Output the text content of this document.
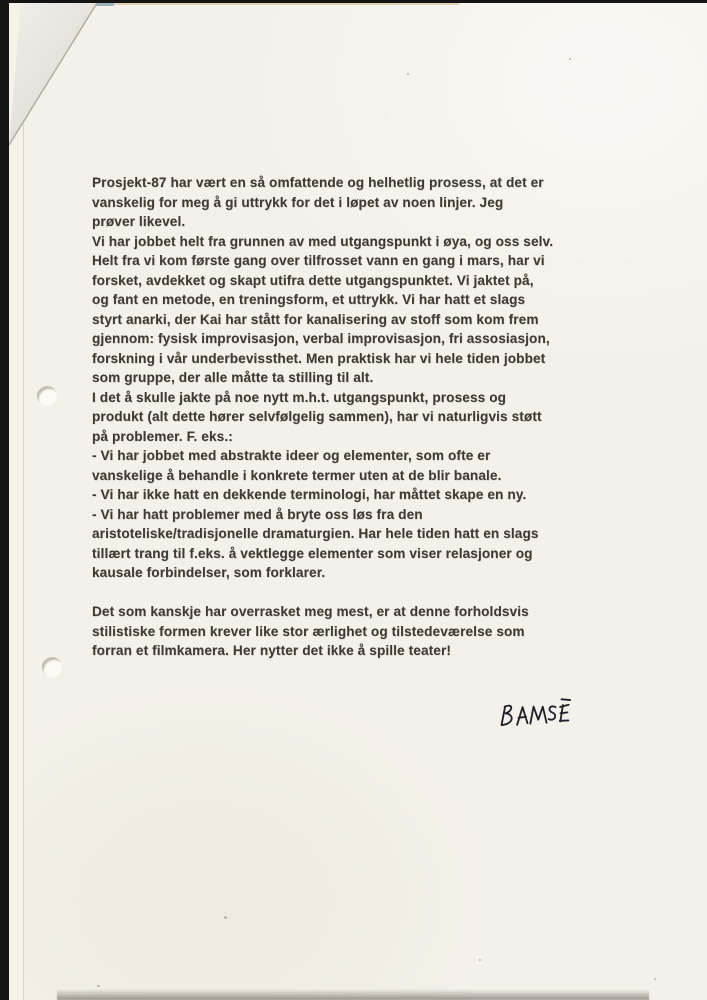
Prosjekt-87 har vært en så omfattende og helhetlig prosess, at det er
vanskelig for meg å gi uttrykk for det i løpet av noen linjer. Jeg
prøver likevel.
Vi har jobbet helt fra grunnen av med utgangspunkt i øya, og oss selv.
Helt fra vi kom første gang over tilfrosset vann en gang i mars, har vi
forsket, avdekket og skapt utifra dette utgangspunktet. Vi jaktet på,
og fant en metode, en treningsform, et uttrykk. Vi har hatt et slags
styrt anarki, der Kai har stått for kanalisering av stoff som kom frem
gjennom: fysisk improvisasjon, verbal improvisasjon, fri assosiasjon,
forskning i vår underbevissthet. Men praktisk har vi hele tiden jobbet
som gruppe, der alle måtte ta stilling til alt.
I det å skulle jakte på noe nytt m.h.t. utgangspunkt, prosess og
produkt (alt dette hører selvfølgelig sammen), har vi naturligvis støtt
på problemer. F. eks.:
- Vi har jobbet med abstrakte ideer og elementer, som ofte er
vanskelige å behandle i konkrete termer uten at de blir banale.
- Vi har ikke hatt en dekkende terminologi, har måttet skape en ny.
- Vi har hatt problemer med å bryte oss løs fra den
aristoteliske/tradisjonelle dramaturgien. Har hele tiden hatt en slags
tillært trang til f.eks. å vektlegge elementer som viser relasjoner og
kausale forbindelser, som forklarer.
Det som kanskje har overrasket meg mest, er at denne forholdsvis
stilistiske formen krever like stor ærlighet og tilstedeværelse som
forran et filmkamera. Her nytter det ikke å spille teater!
